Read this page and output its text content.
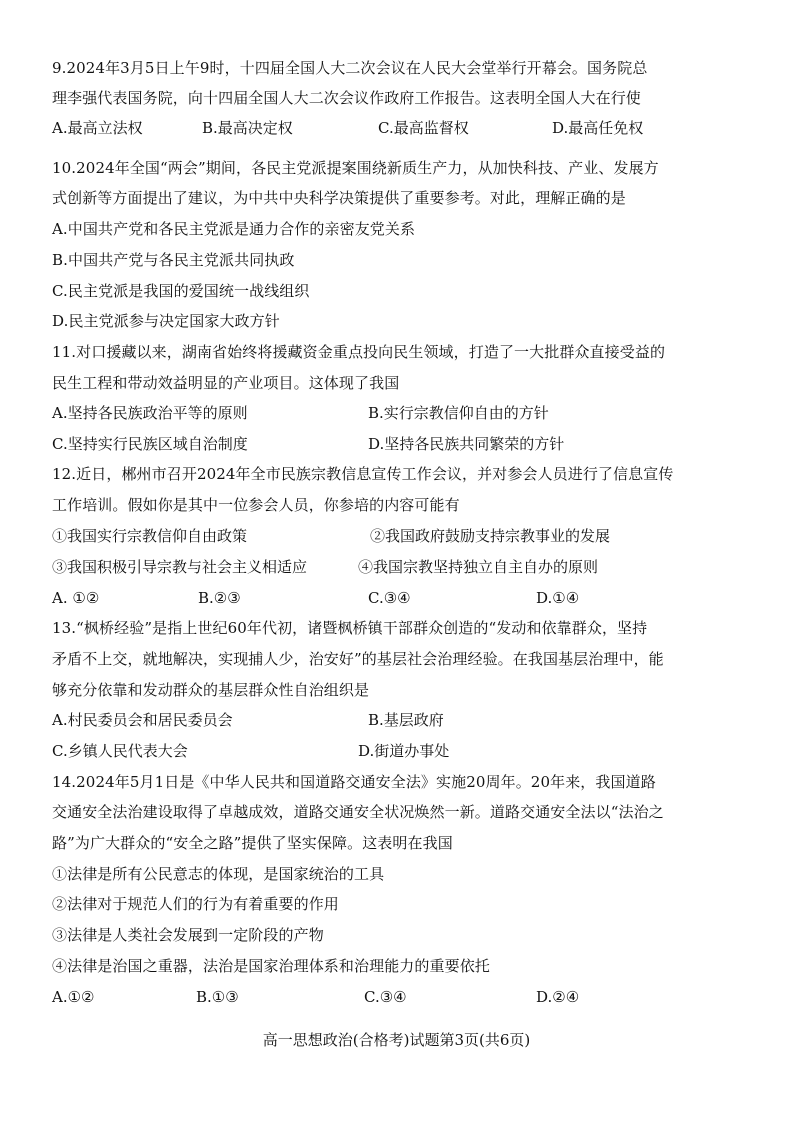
9.2024年3月5日上午9时，十四届全国人大二次会议在人民大会堂举行开幕会。国务院总
理李强代表国务院，向十四届全国人大二次会议作政府工作报告。这表明全国人大在行使
A.最高立法权	B.最高决定权	C.最高监督权	D.最高任免权
10.2024年全国“两会”期间，各民主党派提案围绕新质生产力，从加快科技、产业、发展方
式创新等方面提出了建议，为中共中央科学决策提供了重要参考。对此，理解正确的是
A.中国共产党和各民主党派是通力合作的亲密友党关系
B.中国共产党与各民主党派共同执政
C.民主党派是我国的爱国统一战线组织
D.民主党派参与决定国家大政方针
11.对口援藏以来，湖南省始终将援藏资金重点投向民生领域，打造了一大批群众直接受益的
民生工程和带动效益明显的产业项目。这体现了我国
A.坚持各民族政治平等的原则	B.实行宗教信仰自由的方针
C.坚持实行民族区域自治制度	D.坚持各民族共同繁荣的方针
12.近日，郴州市召开2024年全市民族宗教信息宣传工作会议，并对参会人员进行了信息宣传
工作培训。假如你是其中一位参会人员，你参培的内容可能有
①我国实行宗教信仰自由政策	②我国政府鼓励支持宗教事业的发展
③我国积极引导宗教与社会主义相适应	④我国宗教坚持独立自主自办的原则
A. ①②	B.②③	C.③④	D.①④
13.“枫桥经验”是指上世纪60年代初，诸暨枫桥镇干部群众创造的“发动和依靠群众，坚持
矛盾不上交，就地解决，实现捕人少，治安好”的基层社会治理经验。在我国基层治理中，能
够充分依靠和发动群众的基层群众性自治组织是
A.村民委员会和居民委员会	B.基层政府
C.乡镇人民代表大会	D.街道办事处
14.2024年5月1日是《中华人民共和国道路交通安全法》实施20周年。20年来，我国道路
交通安全法治建设取得了卓越成效，道路交通安全状况焕然一新。道路交通安全法以“法治之
路”为广大群众的“安全之路”提供了坚实保障。这表明在我国
①法律是所有公民意志的体现，是国家统治的工具
②法律对于规范人们的行为有着重要的作用
③法律是人类社会发展到一定阶段的产物
④法律是治国之重器，法治是国家治理体系和治理能力的重要依托
A.①②	B.①③	C.③④	D.②④
高一思想政治(合格考)试题第3页(共6页)
